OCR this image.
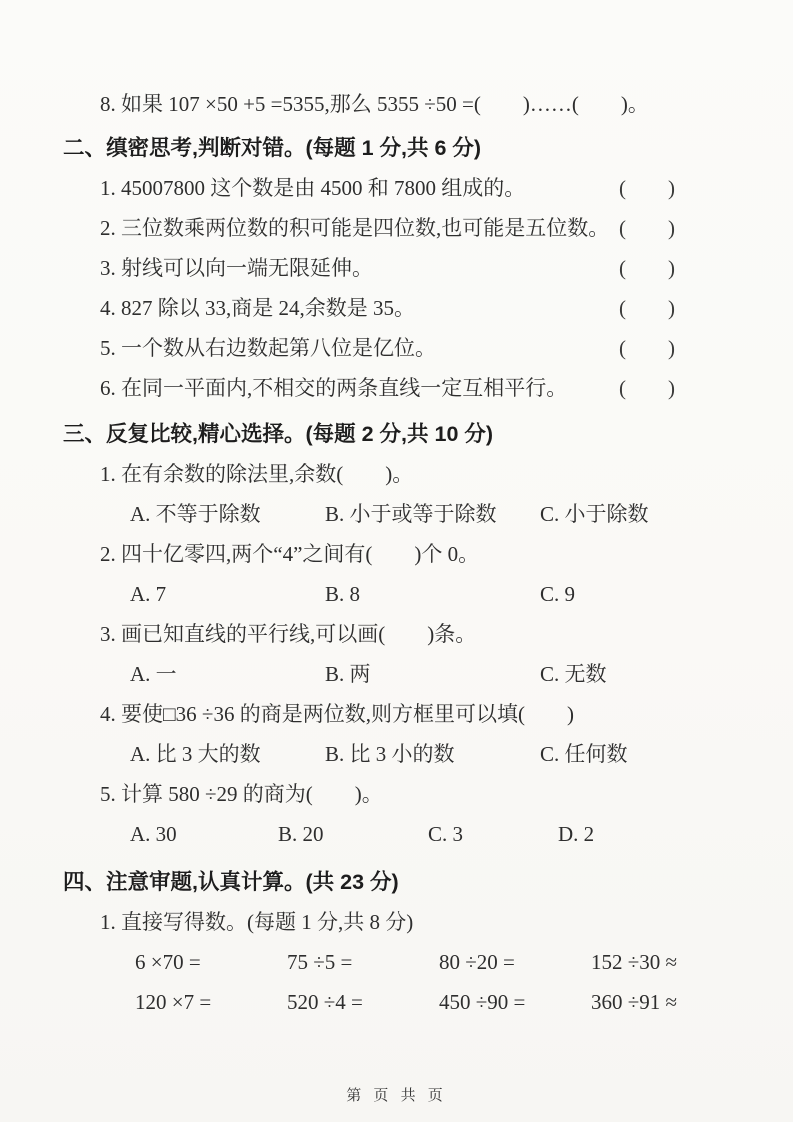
8. 如果 107 ×50 +5 =5355,那么 5355 ÷50 =(　　)……(　　)。
二、缜密思考,判断对错。(每题 1 分,共 6 分)
1. 45007800 这个数是由 4500 和 7800 组成的。	(　　)
2. 三位数乘两位数的积可能是四位数,也可能是五位数。 (　　)
3. 射线可以向一端无限延伸。	(　　)
4. 827 除以 33,商是 24,余数是 35。	(　　)
5. 一个数从右边数起第八位是亿位。	(　　)
6. 在同一平面内,不相交的两条直线一定互相平行。 (　　)
三、反复比较,精心选择。(每题 2 分,共 10 分)
1. 在有余数的除法里,余数(　　)。
A. 不等于除数	B. 小于或等于除数	C. 小于除数
2. 四十亿零四,两个“4”之间有(　　)个 0。
A. 7	B. 8	C. 9
3. 画已知直线的平行线,可以画(　　)条。
A. 一	B. 两	C. 无数
4. 要使□36 ÷36 的商是两位数,则方框里可以填(　　)
A. 比 3 大的数	B. 比 3 小的数	C. 任何数
5. 计算 580 ÷29 的商为(　　)。
A. 30	B. 20	C. 3	D. 2
四、注意审题,认真计算。(共 23 分)
1. 直接写得数。(每题 1 分,共 8 分)
6 ×70 =	75 ÷5 =	80 ÷20 =	152 ÷30 ≈
120 ×7 =	520 ÷4 =	450 ÷90 =	360 ÷91 ≈
第 页 共 页
